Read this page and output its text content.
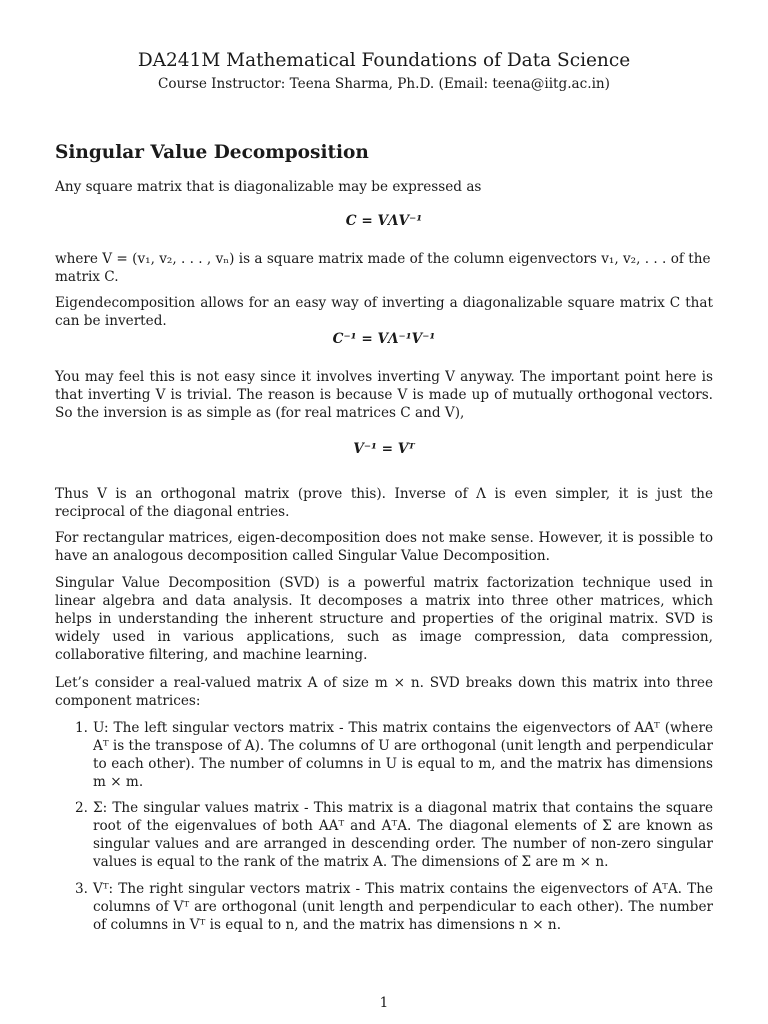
DA241M Mathematical Foundations of Data Science
Course Instructor: Teena Sharma, Ph.D. (Email: teena@iitg.ac.in)
Singular Value Decomposition
Any square matrix that is diagonalizable may be expressed as
C = VΛV⁻¹
where V = (v₁, v₂, . . . , vₙ) is a square matrix made of the column eigenvectors v₁, v₂, . . . of the
matrix C.
Eigendecomposition allows for an easy way of inverting a diagonalizable square matrix C that can be inverted.
C⁻¹ = VΛ⁻¹V⁻¹
You may feel this is not easy since it involves inverting V anyway. The important point here is that inverting V is trivial. The reason is because V is made up of mutually orthogonal vectors. So the inversion is as simple as (for real matrices C and V),
V⁻¹ = Vᵀ
Thus V is an orthogonal matrix (prove this). Inverse of Λ is even simpler, it is just the reciprocal of the diagonal entries.
For rectangular matrices, eigen-decomposition does not make sense. However, it is possible to have an analogous decomposition called Singular Value Decomposition.
Singular Value Decomposition (SVD) is a powerful matrix factorization technique used in linear algebra and data analysis. It decomposes a matrix into three other matrices, which helps in understanding the inherent structure and properties of the original matrix. SVD is widely used in various applications, such as image compression, data compression, collaborative filtering, and machine learning.
Let’s consider a real-valued matrix A of size m × n. SVD breaks down this matrix into three component matrices:
1. U: The left singular vectors matrix - This matrix contains the eigenvectors of AAᵀ (where Aᵀ is the transpose of A). The columns of U are orthogonal (unit length and perpendicular to each other). The number of columns in U is equal to m, and the matrix has dimensions m × m.
2. Σ: The singular values matrix - This matrix is a diagonal matrix that contains the square root of the eigenvalues of both AAᵀ and AᵀA. The diagonal elements of Σ are known as singular values and are arranged in descending order. The number of non-zero singular values is equal to the rank of the matrix A. The dimensions of Σ are m × n.
3. Vᵀ: The right singular vectors matrix - This matrix contains the eigenvectors of AᵀA. The columns of Vᵀ are orthogonal (unit length and perpendicular to each other). The number of columns in Vᵀ is equal to n, and the matrix has dimensions n × n.
1
